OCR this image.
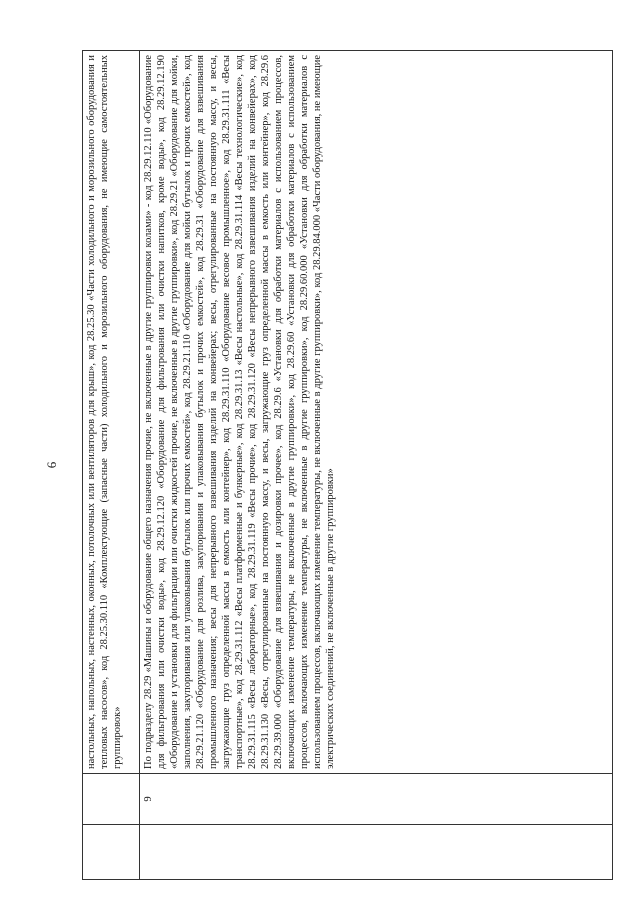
6
			настольных, напольных, настенных, оконных, потолочных или вентиляторов для крыш», код 28.25.30 «Части холодильного и морозильного оборудования и тепловых насосов», код 28.25.30.110 «Комплектующие (запасные части) холодильного и морозильного оборудования, не имеющие самостоятельных группировок»
	9	По подразделу 28.29 «Машины и оборудование общего назначения прочие, не включенные в другие группировки колами» - код 28.29.12.110 «Оборудование для фильтрования или очистки воды», код 28.29.12.120 «Оборудование для фильтрования или очистки напитков, кроме воды», код 28.29.12.190 «Оборудование и установки для фильтрации или очистки жидкостей прочие, не включенные в другие группировки», код 28.29.21 «Оборудование для мойки, заполнения, закупоривания или упаковывания бутылок или прочих емкостей», код 28.29.21.110 «Оборудование для мойки бутылок и прочих емкостей», код 28.29.21.120 «Оборудование для розлива, закупоривания и упаковывания бутылок и прочих емкостей», код 28.29.31 «Оборудование для взвешивания промышленного назначения; весы для непрерывного взвешивания изделий на конвейерах; весы, отрегулированные на постоянную массу, и весы, загружающие груз определенной массы в емкость или контейнер», код 28.29.31.110 «Оборудование весовое промышленное», код 28.29.31.111 «Весы транспортные», код 28.29.31.112 «Весы платформенные и бункерные», код 28.29.31.13 «Весы настольные», код 28.29.31.114 «Весы технологические», код 28.29.31.115 «Весы лабораторные», код 28.29.31.119 «Весы прочие», код 28.29.31.120 «Весы непрерывного взвешивания изделий на конвейерах», код 28.29.31.130 «Весы, отрегулированные на постоянную массу, и весы, загружающие груз определенной массы в емкость или контейнер», код 28.29.6 28.29.39.000 «Оборудование для взвешивания и дозировки прочее», код 28.29.6 «Установки для обработки материалов с использованием процессов, включающих изменение температуры, не включенные в другие группировки», код 28.29.60 «Установки для обработки материалов с использованием процессов, включающих изменение температуры, не включенные в другие группировки», код 28.29.60.000 «Установки для обработки материалов с использованием процессов, включающих изменение температуры, не включенные в другие группировки», код 28.29.84.000 «Части оборудования, не имеющие электрических соединений, не включенные в другие группировки»
